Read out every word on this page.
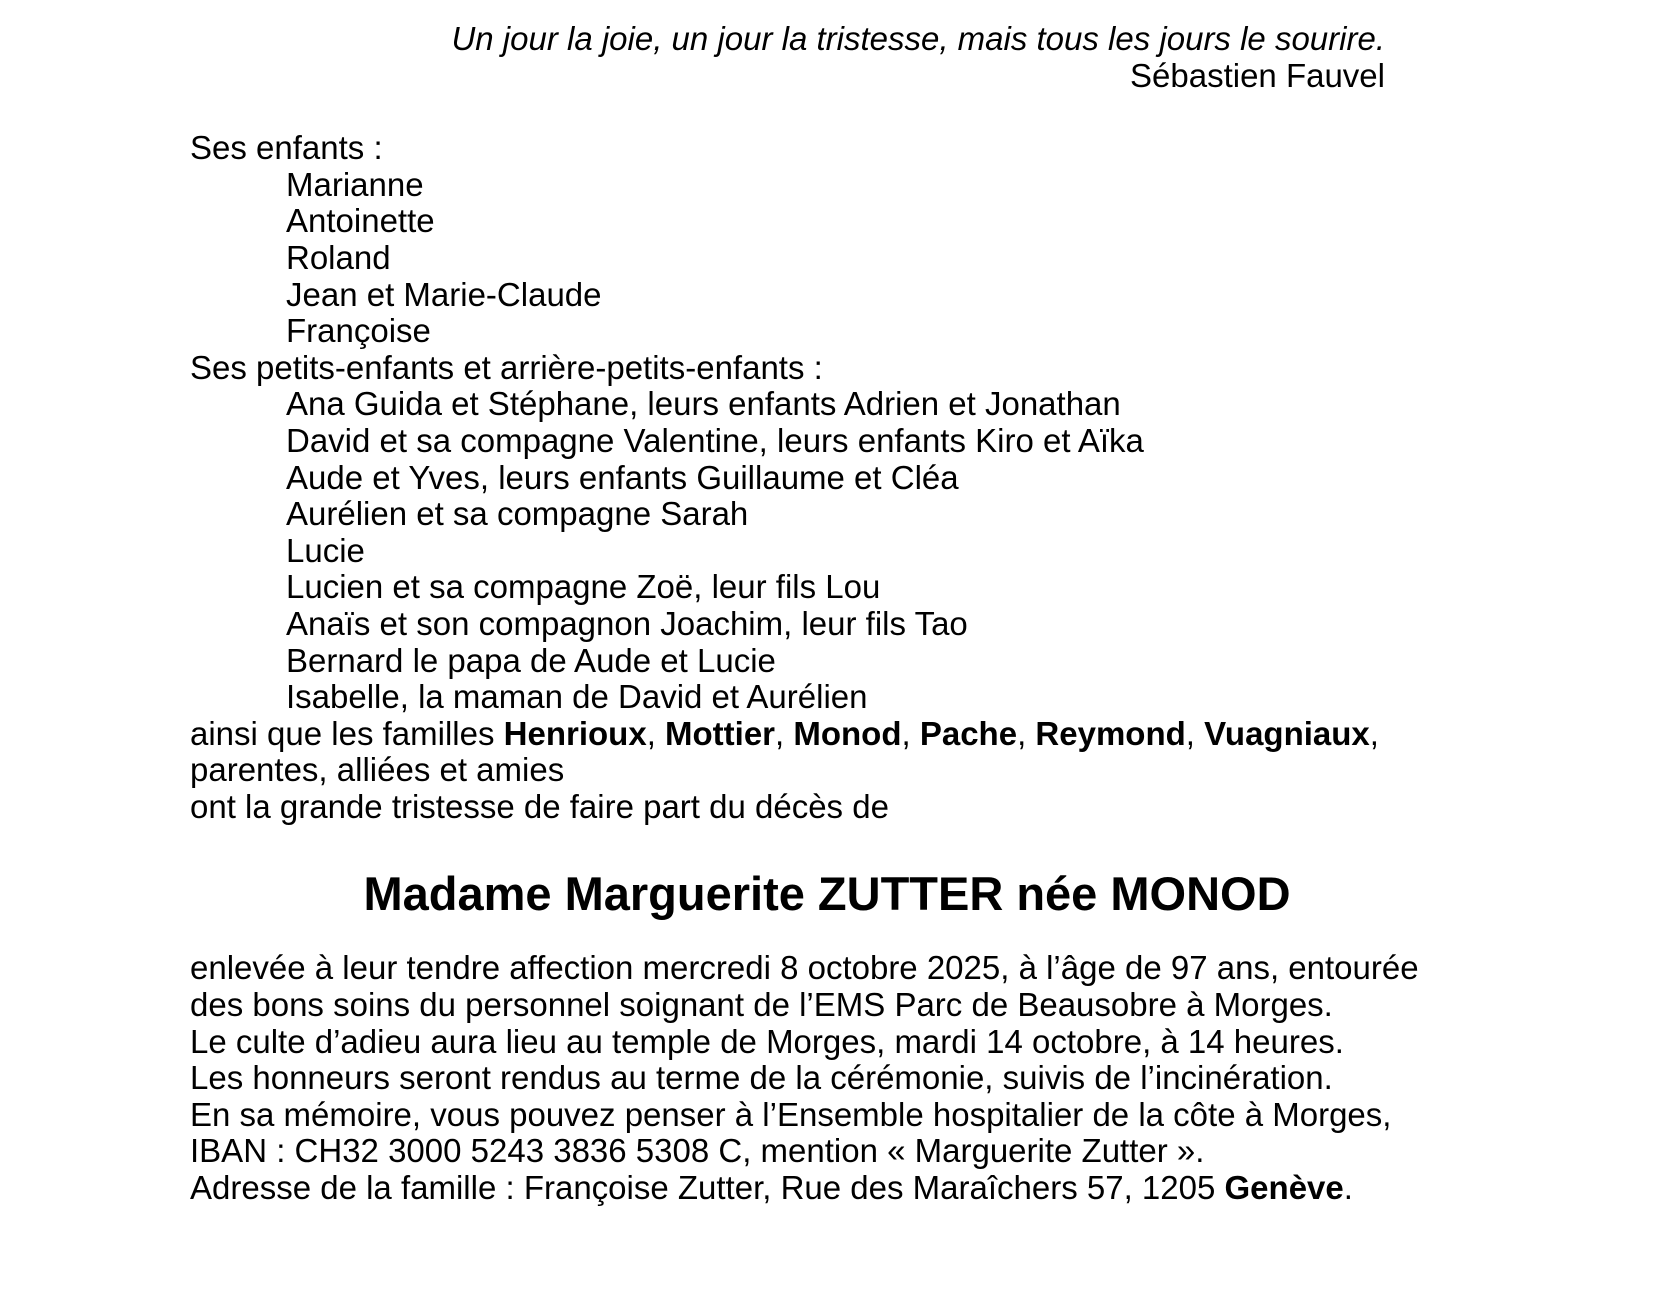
Un jour la joie, un jour la tristesse, mais tous les jours le sourire.
Sébastien Fauvel
Ses enfants :
Marianne
Antoinette
Roland
Jean et Marie-Claude
Françoise
Ses petits-enfants et arrière-petits-enfants :
Ana Guida et Stéphane, leurs enfants Adrien et Jonathan
David et sa compagne Valentine, leurs enfants Kiro et Aïka
Aude et Yves, leurs enfants Guillaume et Cléa
Aurélien et sa compagne Sarah
Lucie
Lucien et sa compagne Zoë, leur fils Lou
Anaïs et son compagnon Joachim, leur fils Tao
Bernard le papa de Aude et Lucie
Isabelle, la maman de David et Aurélien
ainsi que les familles Henrioux, Mottier, Monod, Pache, Reymond, Vuagniaux,
parentes, alliées et amies
ont la grande tristesse de faire part du décès de
Madame Marguerite ZUTTER née MONOD

enlevée à leur tendre affection mercredi 8 octobre 2025, à l’âge de 97 ans, entourée des bons soins du personnel soignant de l’EMS Parc de Beausobre à Morges.

Le culte d’adieu aura lieu au temple de Morges, mardi 14 octobre, à 14 heures.

Les honneurs seront rendus au terme de la cérémonie, suivis de l’incinération.

En sa mémoire, vous pouvez penser à l’Ensemble hospitalier de la côte à Morges, IBAN : CH32 3000 5243 3836 5308 C, mention « Marguerite Zutter ».

Adresse de la famille : Françoise Zutter, Rue des Maraîchers 57, 1205 Genève.
